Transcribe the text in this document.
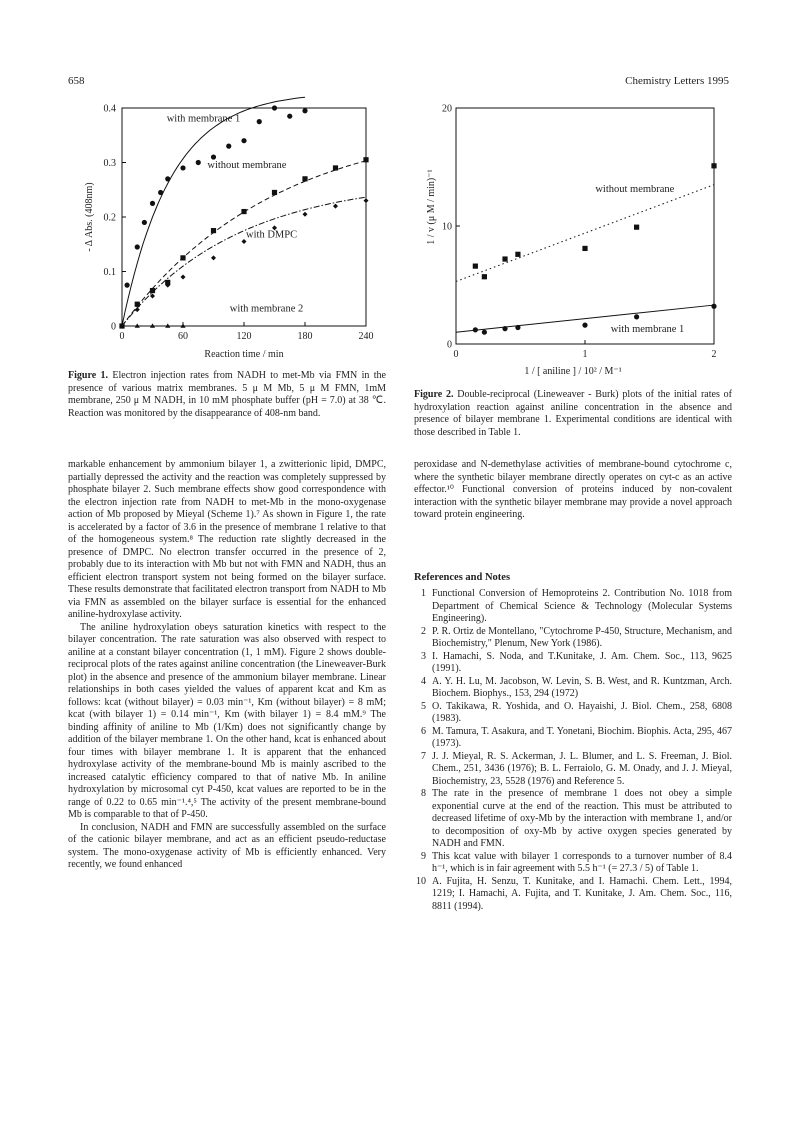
658	Chemistry Letters 1995
0	60	120	180	240
0
0.1
0.2
0.3
0.4
Reaction time / min
- Δ Abs. (408nm)
with membrane 1
without membrane
with DMPC
with membrane 2
Figure 1. Electron injection rates from NADH to met-Mb via FMN in the presence of various matrix membranes. 5 μ M Mb, 5 μ M FMN, 1mM membrane, 250 μ M NADH, in 10 mM phosphate buffer (pH = 7.0) at 38 ℃. Reaction was monitored by the disappearance of 408-nm band.
0	1	2
0
10
20
1 / [ aniline ] / 10² / M⁻¹
1 / v (μ M / min)⁻¹	without membrane
with membrane 1
Figure 2. Double-reciprocal (Lineweaver - Burk) plots of the initial rates of hydroxylation reaction against aniline concentration in the absence and presence of bilayer membrane 1. Experimental conditions are identical with those described in Table 1.

markable enhancement by ammonium bilayer 1, a zwitterionic lipid, DMPC, partially depressed the activity and the reaction was completely suppressed by phosphate bilayer 2. Such membrane effects show good correspondence with the electron injection rate from NADH to met-Mb in the mono-oxygenase action of Mb proposed by Mieyal (Scheme 1).⁷ As shown in Figure 1, the rate is accelerated by a factor of 3.6 in the presence of membrane 1 relative to that of the homogeneous system.⁸ The reduction rate slightly decreased in the presence of DMPC. No electron transfer occurred in the presence of 2, probably due to its interaction with Mb but not with FMN and NADH, thus an efficient electron transport system not being formed on the bilayer surface. These results demonstrate that facilitated electron transport from NADH to Mb via FMN as assembled on the bilayer surface is essential for the enhanced aniline-hydroxylase activity.

The aniline hydroxylation obeys saturation kinetics with respect to the bilayer concentration. The rate saturation was also observed with respect to aniline at a constant bilayer concentration (1, 1 mM). Figure 2 shows double-reciprocal plots of the rates against aniline concentration (the Lineweaver-Burk plot) in the absence and presence of the ammonium bilayer membrane. Linear relationships in both cases yielded the values of apparent kcat and Km as follows: kcat (without bilayer) = 0.03 min⁻¹, Km (without bilayer) = 8 mM; kcat (with bilayer 1) = 0.14 min⁻¹, Km (with bilayer 1) = 8.4 mM.⁹ The binding affinity of aniline to Mb (1/Km) does not significantly change by addition of the bilayer membrane 1. On the other hand, kcat is enhanced about four times with bilayer membrane 1. It is apparent that the enhanced hydroxylase activity of the membrane-bound Mb is mainly ascribed to the increased catalytic efficiency compared to that of native Mb. In aniline hydroxylation by microsomal cyt P-450, kcat values are reported to be in the range of 0.22 to 0.65 min⁻¹.⁴,⁵ The activity of the present membrane-bound Mb is comparable to that of P-450.

In conclusion, NADH and FMN are successfully assembled on the surface of the cationic bilayer membrane, and act as an efficient pseudo-reductase system. The mono-oxygenase activity of Mb is efficiently enhanced. Very recently, we found enhanced

peroxidase and N-demethylase activities of membrane-bound cytochrome c, where the synthetic bilayer membrane directly operates on cyt-c as an active effector.¹⁰ Functional conversion of proteins induced by non-covalent interaction with the synthetic bilayer membrane may provide a novel approach toward protein engineering.

References and Notes
1 Functional Conversion of Hemoproteins 2. Contribution No. 1018 from Department of Chemical Science & Technology (Molecular Systems Engineering).
2 P. R. Ortiz de Montellano, "Cytochrome P-450, Structure, Mechanism, and Biochemistry," Plenum, New York (1986).
3 I. Hamachi, S. Noda, and T.Kunitake, J. Am. Chem. Soc., 113, 9625 (1991).
4 A. Y. H. Lu, M. Jacobson, W. Levin, S. B. West, and R. Kuntzman, Arch. Biochem. Biophys., 153, 294 (1972)
5 O. Takikawa, R. Yoshida, and O. Hayaishi, J. Biol. Chem., 258, 6808 (1983).
6 M. Tamura, T. Asakura, and T. Yonetani, Biochim. Biophis. Acta, 295, 467 (1973).
7 J. J. Mieyal, R. S. Ackerman, J. L. Blumer, and L. S. Freeman, J. Biol. Chem., 251, 3436 (1976); B. L. Ferraiolo, G. M. Onady, and J. J. Mieyal, Biochemistry, 23, 5528 (1976) and Reference 5.
8 The rate in the presence of membrane 1 does not obey a simple exponential curve at the end of the reaction. This must be attributed to decreased lifetime of oxy-Mb by the interaction with membrane 1, and/or to decomposition of oxy-Mb by active oxygen species generated by NADH and FMN.
9 This kcat value with bilayer 1 corresponds to a turnover number of 8.4 h⁻¹, which is in fair agreement with 5.5 h⁻¹ (= 27.3 / 5) of Table 1.
10 A. Fujita, H. Senzu, T. Kunitake, and I. Hamachi. Chem. Lett., 1994, 1219; I. Hamachi, A. Fujita, and T. Kunitake, J. Am. Chem. Soc., 116, 8811 (1994).
